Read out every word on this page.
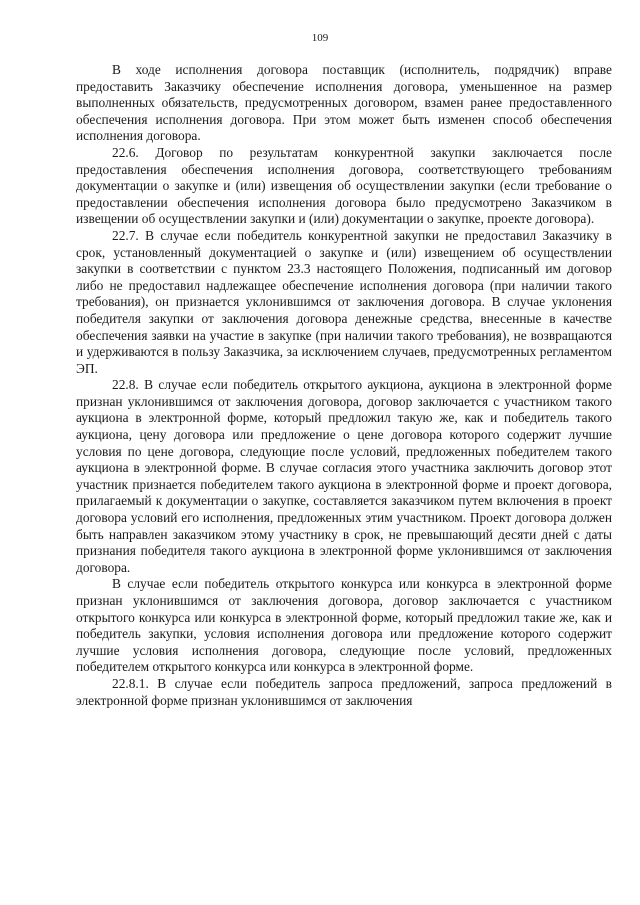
109

В ходе исполнения договора поставщик (исполнитель, подрядчик) вправе предоставить Заказчику обеспечение исполнения договора, уменьшенное на размер выполненных обязательств, предусмотренных договором, взамен ранее предоставленного обеспечения исполнения договора. При этом может быть изменен способ обеспечения исполнения договора.

22.6. Договор по результатам конкурентной закупки заключается после предоставления обеспечения исполнения договора, соответствующего требованиям документации о закупке и (или) извещения об осуществлении закупки (если требование о предоставлении обеспечения исполнения договора было предусмотрено Заказчиком в извещении об осуществлении закупки и (или) документации о закупке, проекте договора).

22.7. В случае если победитель конкурентной закупки не предоставил Заказчику в срок, установленный документацией о закупке и (или) извещением об осуществлении закупки в соответствии с пунктом 23.3 настоящего Положения, подписанный им договор либо не предоставил надлежащее обеспечение исполнения договора (при наличии такого требования), он признается уклонившимся от заключения договора. В случае уклонения победителя закупки от заключения договора денежные средства, внесенные в качестве обеспечения заявки на участие в закупке (при наличии такого требования), не возвращаются и удерживаются в пользу Заказчика, за исключением случаев, предусмотренных регламентом ЭП.

22.8. В случае если победитель открытого аукциона, аукциона в электронной форме признан уклонившимся от заключения договора, договор заключается с участником такого аукциона в электронной форме, который предложил такую же, как и победитель такого аукциона, цену договора или предложение о цене договора которого содержит лучшие условия по цене договора, следующие после условий, предложенных победителем такого аукциона в электронной форме. В случае согласия этого участника заключить договор этот участник признается победителем такого аукциона в электронной форме и проект договора, прилагаемый к документации о закупке, составляется заказчиком путем включения в проект договора условий его исполнения, предложенных этим участником. Проект договора должен быть направлен заказчиком этому участнику в срок, не превышающий десяти дней с даты признания победителя такого аукциона в электронной форме уклонившимся от заключения договора.

В случае если победитель открытого конкурса или конкурса в электронной форме признан уклонившимся от заключения договора, договор заключается с участником открытого конкурса или конкурса в электронной форме, который предложил такие же, как и победитель закупки, условия исполнения договора или предложение которого содержит лучшие условия исполнения договора, следующие после условий, предложенных победителем открытого конкурса или конкурса в электронной форме.

22.8.1. В случае если победитель запроса предложений, запроса предложений в электронной форме признан уклонившимся от заключения
